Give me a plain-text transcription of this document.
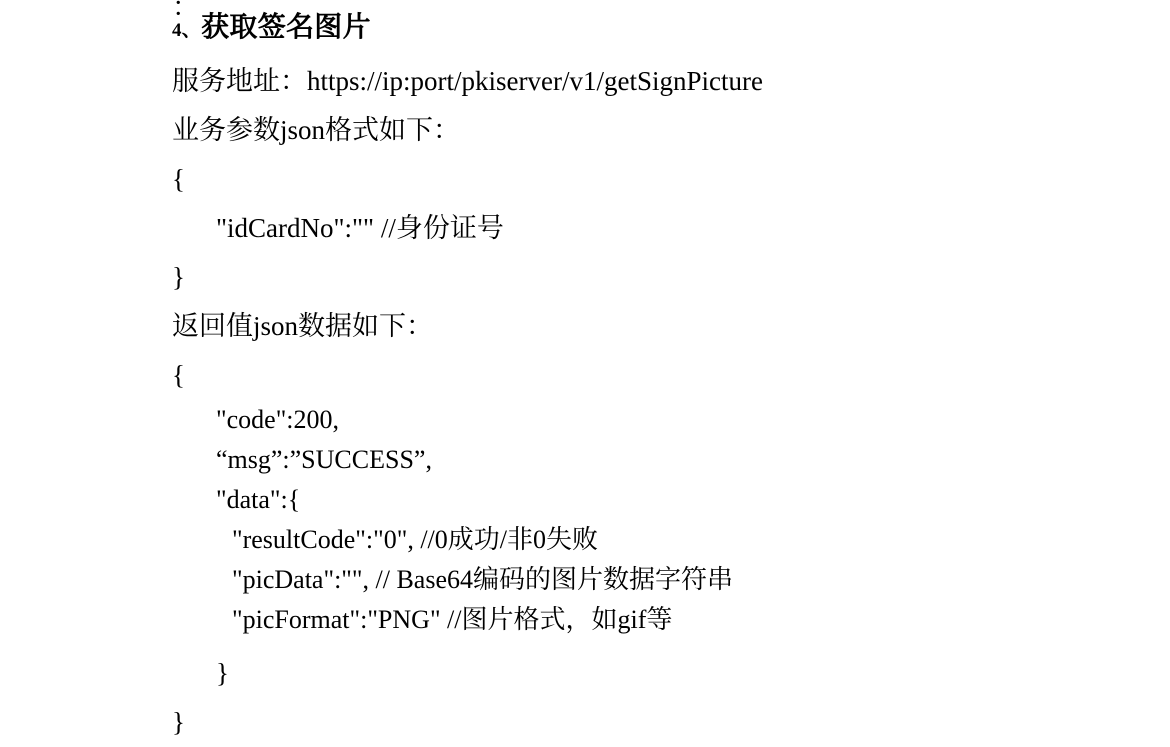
：
4、获取签名图片
服务地址：https://ip:port/pkiserver/v1/getSignPicture
业务参数json格式如下：
{
"idCardNo":"" //身份证号
}
返回值json数据如下：
{
"code":200,
“msg”:”SUCCESS”,
"data":{
"resultCode":"0", //0成功/非0失败
"picData":"", // Base64编码的图片数据字符串
"picFormat":"PNG" //图片格式，如gif等
}
}
